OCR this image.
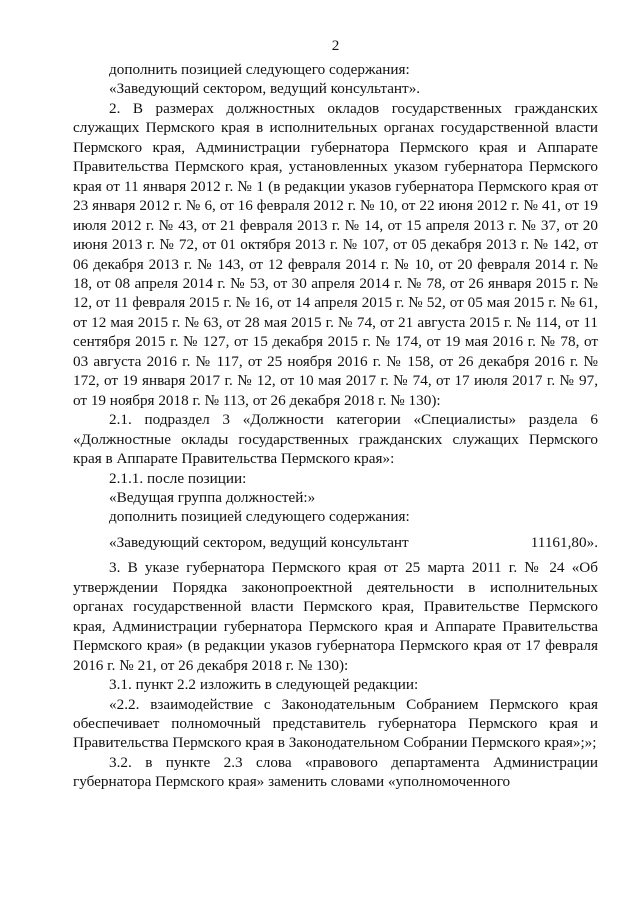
2

дополнить позицией следующего содержания:

«Заведующий сектором, ведущий консультант».

2. В размерах должностных окладов государственных гражданских служащих Пермского края в исполнительных органах государственной власти Пермского края, Администрации губернатора Пермского края и Аппарате Правительства Пермского края, установленных указом губернатора Пермского края от 11 января 2012 г. № 1 (в редакции указов губернатора Пермского края от 23 января 2012 г. № 6, от 16 февраля 2012 г. № 10, от 22 июня 2012 г. № 41, от 19 июля 2012 г. № 43, от 21 февраля 2013 г. № 14, от 15 апреля 2013 г. № 37, от 20 июня 2013 г. № 72, от 01 октября 2013 г. № 107, от 05 декабря 2013 г. № 142, от 06 декабря 2013 г. № 143, от 12 февраля 2014 г. № 10, от 20 февраля 2014 г. № 18, от 08 апреля 2014 г. № 53, от 30 апреля 2014 г. № 78, от 26 января 2015 г. № 12, от 11 февраля 2015 г. № 16, от 14 апреля 2015 г. № 52, от 05 мая 2015 г. № 61, от 12 мая 2015 г. № 63, от 28 мая 2015 г. № 74, от 21 августа 2015 г. № 114, от 11 сентября 2015 г. № 127, от 15 декабря 2015 г. № 174, от 19 мая 2016 г. № 78, от 03 августа 2016 г. № 117, от 25 ноября 2016 г. № 158, от 26 декабря 2016 г. № 172, от 19 января 2017 г. № 12, от 10 мая 2017 г. № 74, от 17 июля 2017 г. № 97, от 19 ноября 2018 г. № 113, от 26 декабря 2018 г. № 130):

2.1. подраздел 3 «Должности категории «Специалисты» раздела 6 «Должностные оклады государственных гражданских служащих Пермского края в Аппарате Правительства Пермского края»:

2.1.1. после позиции:

«Ведущая группа должностей:»

дополнить позицией следующего содержания:

«Заведующий сектором, ведущий консультант	11161,80».

3. В указе губернатора Пермского края от 25 марта 2011 г. № 24 «Об утверждении Порядка законопроектной деятельности в исполнительных органах государственной власти Пермского края, Правительстве Пермского края, Администрации губернатора Пермского края и Аппарате Правительства Пермского края» (в редакции указов губернатора Пермского края от 17 февраля 2016 г. № 21, от 26 декабря 2018 г. № 130):

3.1. пункт 2.2 изложить в следующей редакции:

«2.2. взаимодействие с Законодательным Собранием Пермского края обеспечивает полномочный представитель губернатора Пермского края и Правительства Пермского края в Законодательном Собрании Пермского края»;»;

3.2. в пункте 2.3 слова «правового департамента Администрации губернатора Пермского края» заменить словами «уполномоченного
